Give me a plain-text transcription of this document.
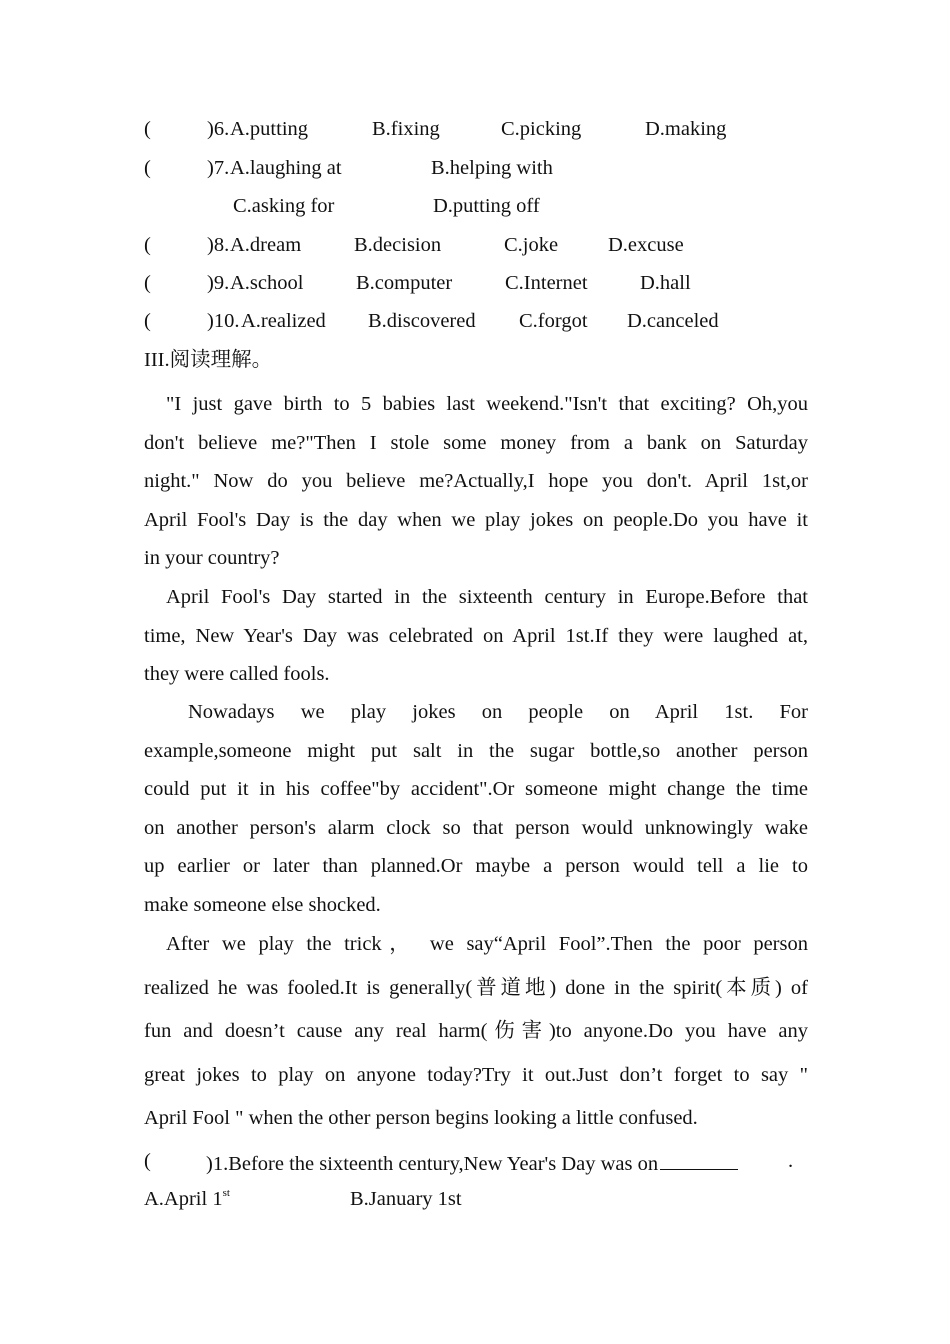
(	)6. A.putting	B.fixing	C.picking	D.making
(	)7. A.laughing at	B.helping with
C.asking for	D.putting off
(	)8. A.dream	B.decision	C.joke D.excuse
(	)9. A.school	B.computer	C.Internet	D.hall
(	)10. A.realized B.discovered C.forgot D.canceled
III.阅读理解。

"I just gave birth to 5 babies last weekend."Isn't that exciting? Oh,you

don't believe me?"Then I stole some money from a bank on Saturday

night." Now do you believe me?Actually,I hope you don't. April 1st,or

April Fool's Day is the day when we play jokes on people.Do you have it

in your country?

April Fool's Day started in the sixteenth century in Europe.Before that

time, New Year's Day was celebrated on April 1st.If they were laughed at,

they were called fools.

Nowadays we play jokes on people on April 1st. For

example,someone might put salt in the sugar bottle,so another person

could put it in his coffee"by accident".Or someone might change the time

on another person's alarm clock so that person would unknowingly wake

up earlier or later than planned.Or maybe a person would tell a lie to

make someone else shocked.

After we play the trick， we say“April Fool”.Then the poor person

realized he was fooled.It is generally(普道地) done in the spirit(本质) of

fun and doesn’t cause any real harm(伤害)to anyone.Do you have any

great jokes to play on anyone today?Try it out.Just don’t forget to say "

April Fool " when the other person begins looking a little confused.

(	)1.Before the sixteenth century,New Year's Day was on	.
A.April 1st	B.January 1st
